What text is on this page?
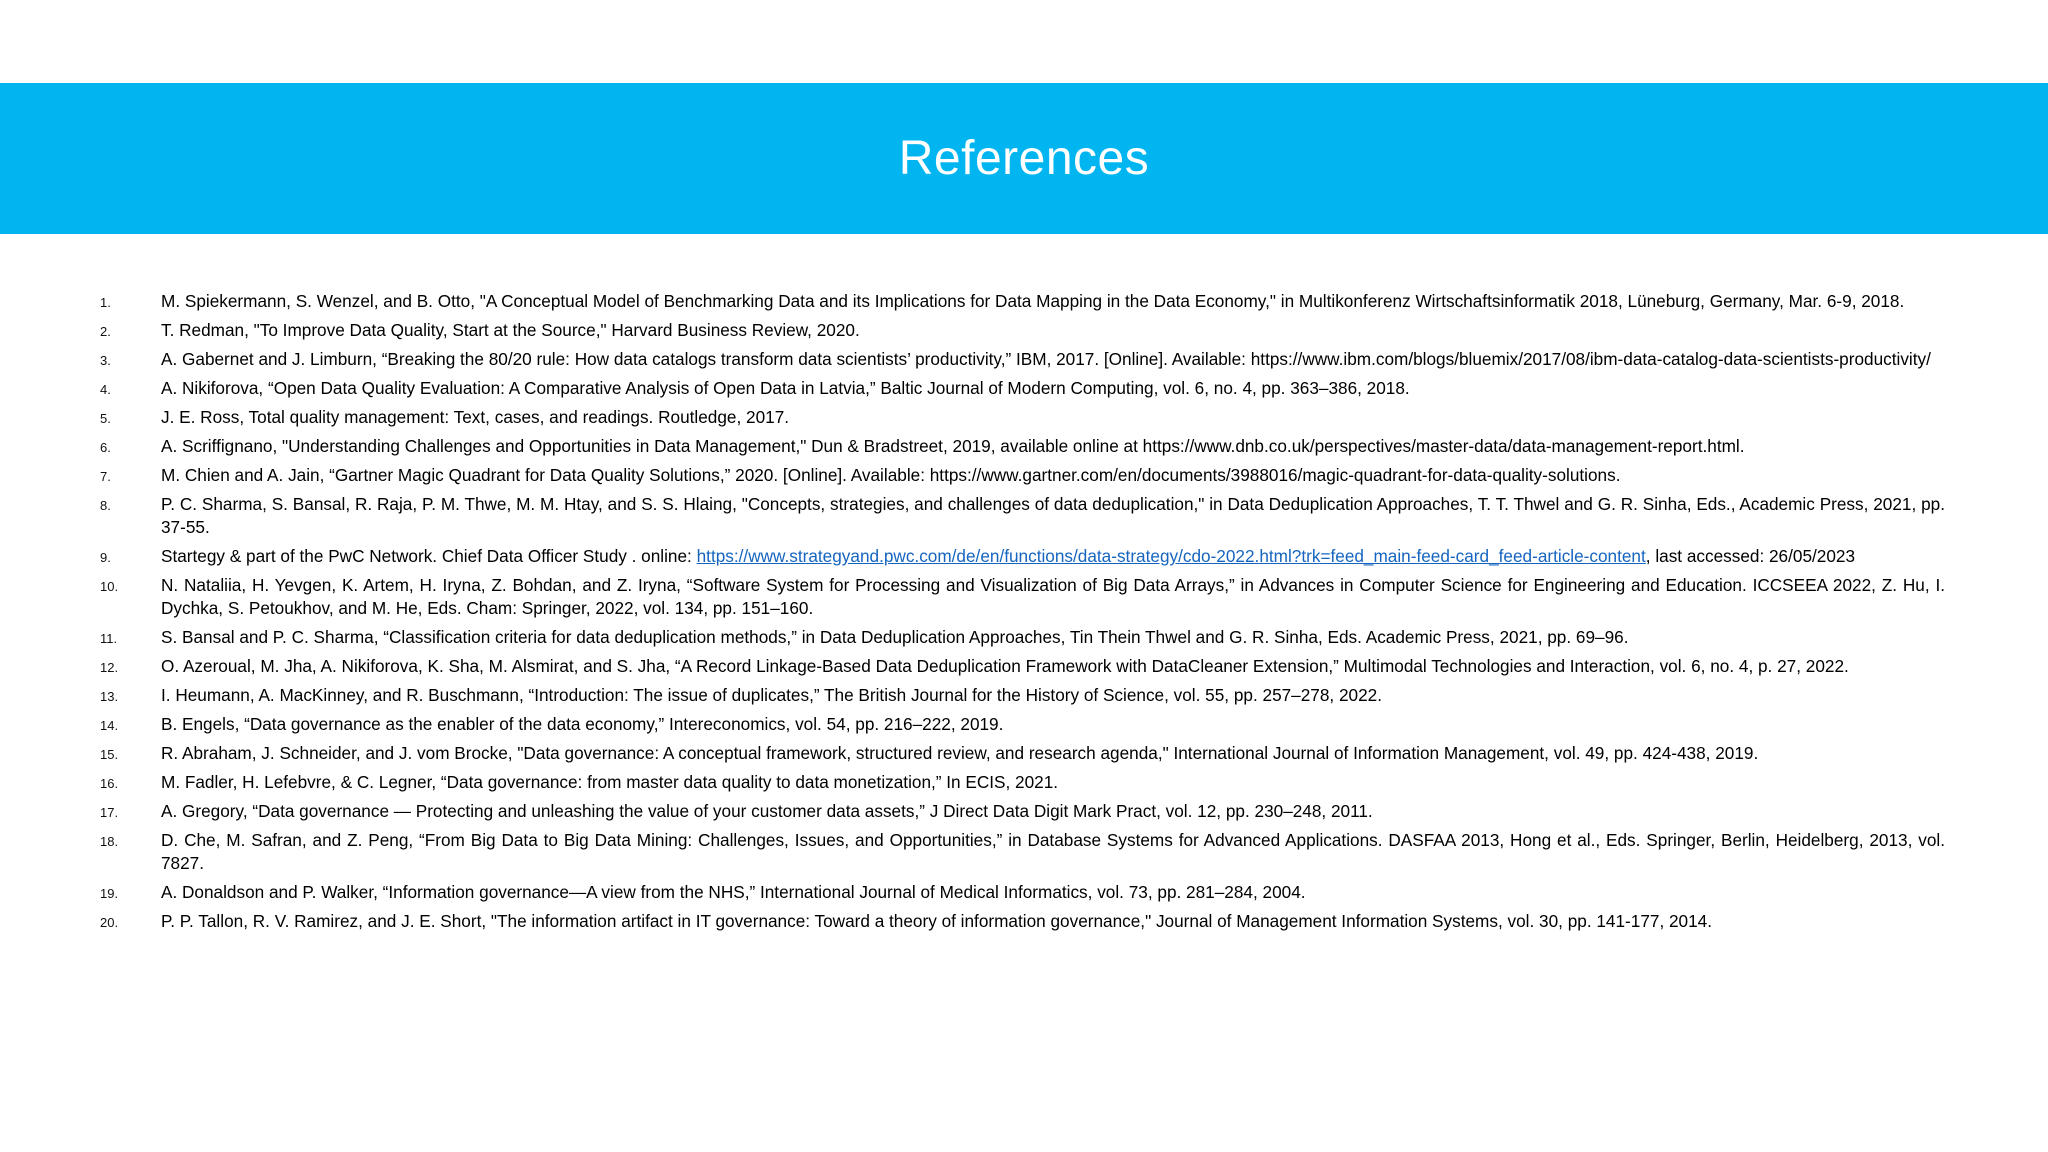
References
1.	M. Spiekermann, S. Wenzel, and B. Otto, "A Conceptual Model of Benchmarking Data and its Implications for Data Mapping in the Data Economy," in Multikonferenz Wirtschaftsinformatik 2018, Lüneburg, Germany, Mar. 6-9, 2018.
2.	T. Redman, "To Improve Data Quality, Start at the Source," Harvard Business Review, 2020.
3.	A. Gabernet and J. Limburn, “Breaking the 80/20 rule: How data catalogs transform data scientists’ productivity,” IBM, 2017. [Online]. Available: https://www.ibm.com/blogs/bluemix/2017/08/ibm-data-catalog-data-scientists-productivity/
4.	A. Nikiforova, “Open Data Quality Evaluation: A Comparative Analysis of Open Data in Latvia,” Baltic Journal of Modern Computing, vol. 6, no. 4, pp. 363–386, 2018.
5.	J. E. Ross, Total quality management: Text, cases, and readings. Routledge, 2017.
6.	A. Scriffignano, "Understanding Challenges and Opportunities in Data Management," Dun & Bradstreet, 2019, available online at https://www.dnb.co.uk/perspectives/master-data/data-management-report.html.
7.	M. Chien and A. Jain, “Gartner Magic Quadrant for Data Quality Solutions,” 2020. [Online]. Available: https://www.gartner.com/en/documents/3988016/magic-quadrant-for-data-quality-solutions.
8.	P. C. Sharma, S. Bansal, R. Raja, P. M. Thwe, M. M. Htay, and S. S. Hlaing, "Concepts, strategies, and challenges of data deduplication," in Data Deduplication Approaches, T. T. Thwel and G. R. Sinha, Eds., Academic Press, 2021, pp. 37-55.
9.	Startegy & part of the PwC Network. Chief Data Officer Study . online: https://www.strategyand.pwc.com/de/en/functions/data-strategy/cdo-2022.html?trk=feed_main-feed-card_feed-article-content, last accessed: 26/05/2023
10.	N. Nataliia, H. Yevgen, K. Artem, H. Iryna, Z. Bohdan, and Z. Iryna, “Software System for Processing and Visualization of Big Data Arrays,” in Advances in Computer Science for Engineering and Education. ICCSEEA 2022, Z. Hu, I. Dychka, S. Petoukhov, and M. He, Eds. Cham: Springer, 2022, vol. 134, pp. 151–160.
11.	S. Bansal and P. C. Sharma, “Classification criteria for data deduplication methods,” in Data Deduplication Approaches, Tin Thein Thwel and G. R. Sinha, Eds. Academic Press, 2021, pp. 69–96.
12.	O. Azeroual, M. Jha, A. Nikiforova, K. Sha, M. Alsmirat, and S. Jha, “A Record Linkage-Based Data Deduplication Framework with DataCleaner Extension,” Multimodal Technologies and Interaction, vol. 6, no. 4, p. 27, 2022.
13.	I. Heumann, A. MacKinney, and R. Buschmann, “Introduction: The issue of duplicates,” The British Journal for the History of Science, vol. 55, pp. 257–278, 2022.
14.	B. Engels, “Data governance as the enabler of the data economy,” Intereconomics, vol. 54, pp. 216–222, 2019.
15.	R. Abraham, J. Schneider, and J. vom Brocke, "Data governance: A conceptual framework, structured review, and research agenda," International Journal of Information Management, vol. 49, pp. 424-438, 2019.
16.	M. Fadler, H. Lefebvre, & C. Legner, “Data governance: from master data quality to data monetization,” In ECIS, 2021.
17.	A. Gregory, “Data governance — Protecting and unleashing the value of your customer data assets,” J Direct Data Digit Mark Pract, vol. 12, pp. 230–248, 2011.
18.	D. Che, M. Safran, and Z. Peng, “From Big Data to Big Data Mining: Challenges, Issues, and Opportunities,” in Database Systems for Advanced Applications. DASFAA 2013, Hong et al., Eds. Springer, Berlin, Heidelberg, 2013, vol. 7827.
19.	A. Donaldson and P. Walker, “Information governance—A view from the NHS,” International Journal of Medical Informatics, vol. 73, pp. 281–284, 2004.
20.	P. P. Tallon, R. V. Ramirez, and J. E. Short, "The information artifact in IT governance: Toward a theory of information governance," Journal of Management Information Systems, vol. 30, pp. 141-177, 2014.
